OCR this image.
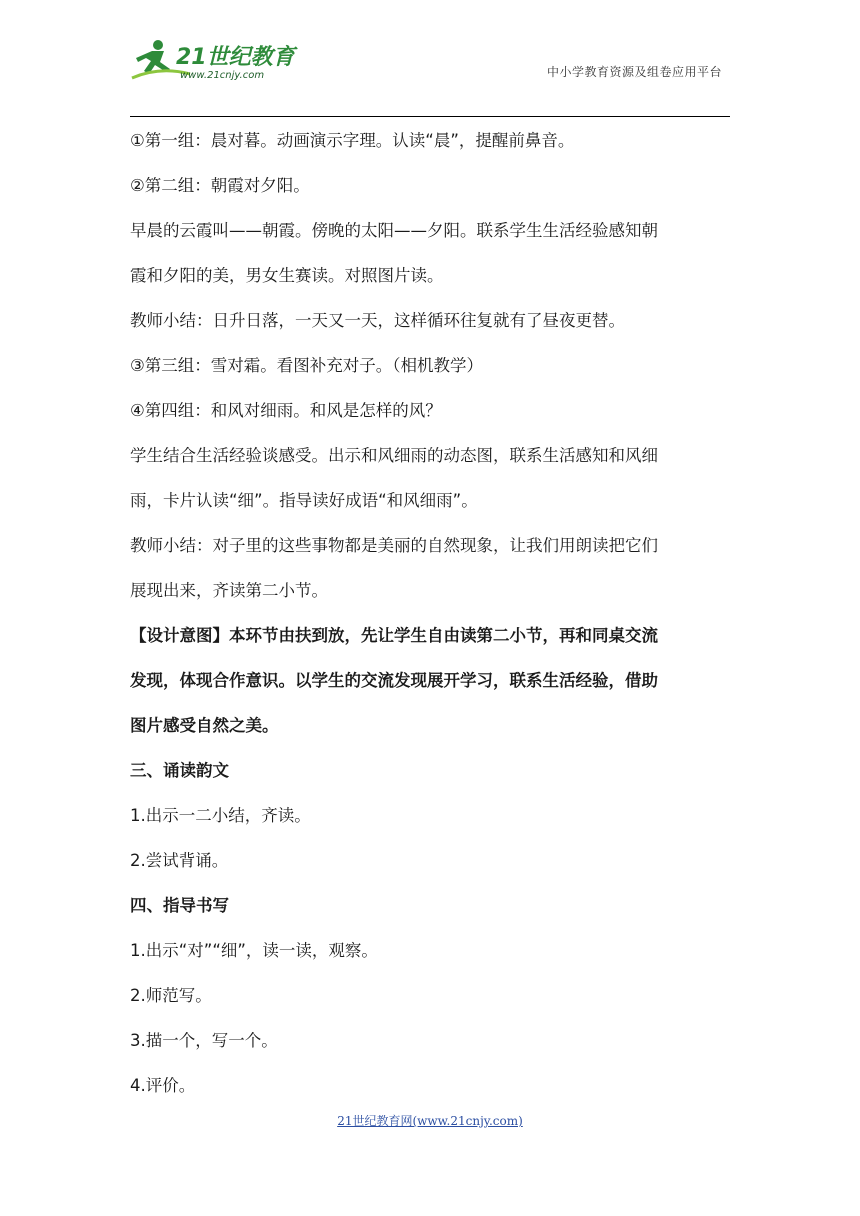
21世纪教育
www.21cnjy.com	中小学教育资源及组卷应用平台

①第一组：晨对暮。动画演示字理。认读“晨”，提醒前鼻音。

②第二组：朝霞对夕阳。

早晨的云霞叫——朝霞。傍晚的太阳——夕阳。联系学生生活经验感知朝

霞和夕阳的美，男女生赛读。对照图片读。

教师小结：日升日落，一天又一天，这样循环往复就有了昼夜更替。

③第三组：雪对霜。看图补充对子。（相机教学）

④第四组：和风对细雨。和风是怎样的风？

学生结合生活经验谈感受。出示和风细雨的动态图，联系生活感知和风细

雨，卡片认读“细”。指导读好成语“和风细雨”。

教师小结：对子里的这些事物都是美丽的自然现象，让我们用朗读把它们

展现出来，齐读第二小节。

【设计意图】本环节由扶到放，先让学生自由读第二小节，再和同桌交流

发现，体现合作意识。以学生的交流发现展开学习，联系生活经验，借助

图片感受自然之美。

三、诵读韵文

1.出示一二小结，齐读。

2.尝试背诵。

四、指导书写

1.出示“对”“细”，读一读，观察。

2.师范写。

3.描一个，写一个。

4.评价。

21世纪教育网(www.21cnjy.com)
